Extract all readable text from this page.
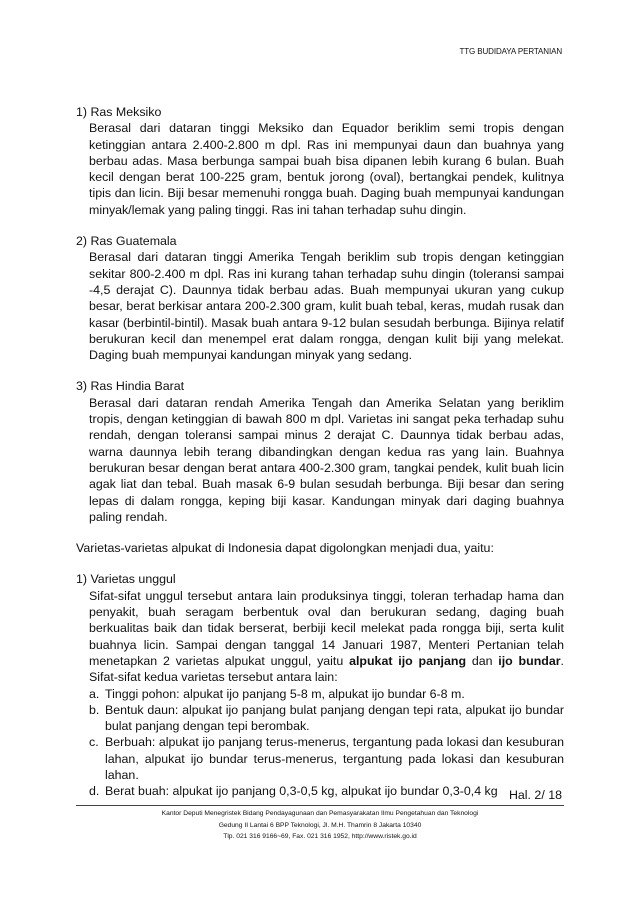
TTG BUDIDAYA PERTANIAN

1) Ras Meksiko

Berasal dari dataran tinggi Meksiko dan Equador beriklim semi tropis dengan ketinggian antara 2.400-2.800 m dpl. Ras ini mempunyai daun dan buahnya yang berbau adas. Masa berbunga sampai buah bisa dipanen lebih kurang 6 bulan. Buah kecil dengan berat 100-225 gram, bentuk jorong (oval), bertangkai pendek, kulitnya tipis dan licin. Biji besar memenuhi rongga buah. Daging buah mempunyai kandungan minyak/lemak yang paling tinggi. Ras ini tahan terhadap suhu dingin.

2) Ras Guatemala

Berasal dari dataran tinggi Amerika Tengah beriklim sub tropis dengan ketinggian sekitar 800-2.400 m dpl. Ras ini kurang tahan terhadap suhu dingin (toleransi sampai -4,5 derajat C). Daunnya tidak berbau adas. Buah mempunyai ukuran yang cukup besar, berat berkisar antara 200-2.300 gram, kulit buah tebal, keras, mudah rusak dan kasar (berbintil-bintil). Masak buah antara 9-12 bulan sesudah berbunga. Bijinya relatif berukuran kecil dan menempel erat dalam rongga, dengan kulit biji yang melekat. Daging buah mempunyai kandungan minyak yang sedang.

3) Ras Hindia Barat

Berasal dari dataran rendah Amerika Tengah dan Amerika Selatan yang beriklim tropis, dengan ketinggian di bawah 800 m dpl. Varietas ini sangat peka terhadap suhu rendah, dengan toleransi sampai minus 2 derajat C. Daunnya tidak berbau adas, warna daunnya lebih terang dibandingkan dengan kedua ras yang lain. Buahnya berukuran besar dengan berat antara 400-2.300 gram, tangkai pendek, kulit buah licin agak liat dan tebal. Buah masak 6-9 bulan sesudah berbunga. Biji besar dan sering lepas di dalam rongga, keping biji kasar. Kandungan minyak dari daging buahnya paling rendah.

Varietas-varietas alpukat di Indonesia dapat digolongkan menjadi dua, yaitu:

1) Varietas unggul

Sifat-sifat unggul tersebut antara lain produksinya tinggi, toleran terhadap hama dan penyakit, buah seragam berbentuk oval dan berukuran sedang, daging buah berkualitas baik dan tidak berserat, berbiji kecil melekat pada rongga biji, serta kulit buahnya licin. Sampai dengan tanggal 14 Januari 1987, Menteri Pertanian telah menetapkan 2 varietas alpukat unggul, yaitu alpukat ijo panjang dan ijo bundar. Sifat-sifat kedua varietas tersebut antara lain:
a. Tinggi pohon: alpukat ijo panjang 5-8 m, alpukat ijo bundar 6-8 m.
b. Bentuk daun: alpukat ijo panjang bulat panjang dengan tepi rata, alpukat ijo bundar bulat panjang dengan tepi berombak.
c. Berbuah: alpukat ijo panjang terus-menerus, tergantung pada lokasi dan kesuburan lahan, alpukat ijo bundar terus-menerus, tergantung pada lokasi dan kesuburan lahan.
d. Berat buah: alpukat ijo panjang 0,3-0,5 kg, alpukat ijo bundar 0,3-0,4 kg Hal. 2/ 18
Kantor Deputi Menegristek Bidang Pendayagunaan dan Pemasyarakatan Ilmu Pengetahuan dan Teknologi
Gedung II Lantai 6 BPP Teknologi, Jl. M.H. Thamrin 8 Jakarta 10340
Tlp. 021 316 9166~69, Fax. 021 316 1952, http://www.ristek.go.id
